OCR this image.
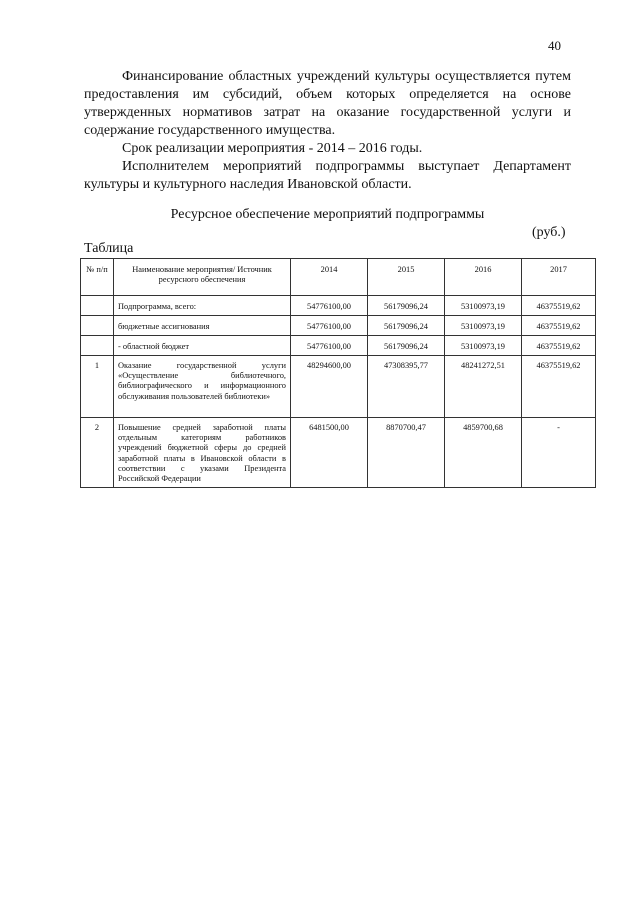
40

Финансирование областных учреждений культуры осуществляется путем предоставления им субсидий, объем которых определяется на основе утвержденных нормативов затрат на оказание государственной услуги и содержание государственного имущества.

Срок реализации мероприятия - 2014 – 2016 годы.

Исполнителем мероприятий подпрограммы выступает Департамент культуры и культурного наследия Ивановской области.

Ресурсное обеспечение мероприятий подпрограммы
(руб.)
Таблица
№ п/п	Наименование мероприятия/ Источник ресурсного обеспечения	2014	2015	2016	2017
	Подпрограмма, всего:	54776100,00	56179096,24	53100973,19	46375519,62
	бюджетные ассигнования	54776100,00	56179096,24	53100973,19	46375519,62
	- областной бюджет	54776100,00	56179096,24	53100973,19	46375519,62
1	Оказание государственной услуги «Осуществление библиотечного, библиографического и информационного обслуживания пользователей библиотеки»	48294600,00	47308395,77	48241272,51	46375519,62
2	Повышение средней заработной платы отдельным категориям работников учреждений бюджетной сферы до средней заработной платы в Ивановской области в соответствии с указами Президента Российской Федерации	6481500,00	8870700,47	4859700,68	-
